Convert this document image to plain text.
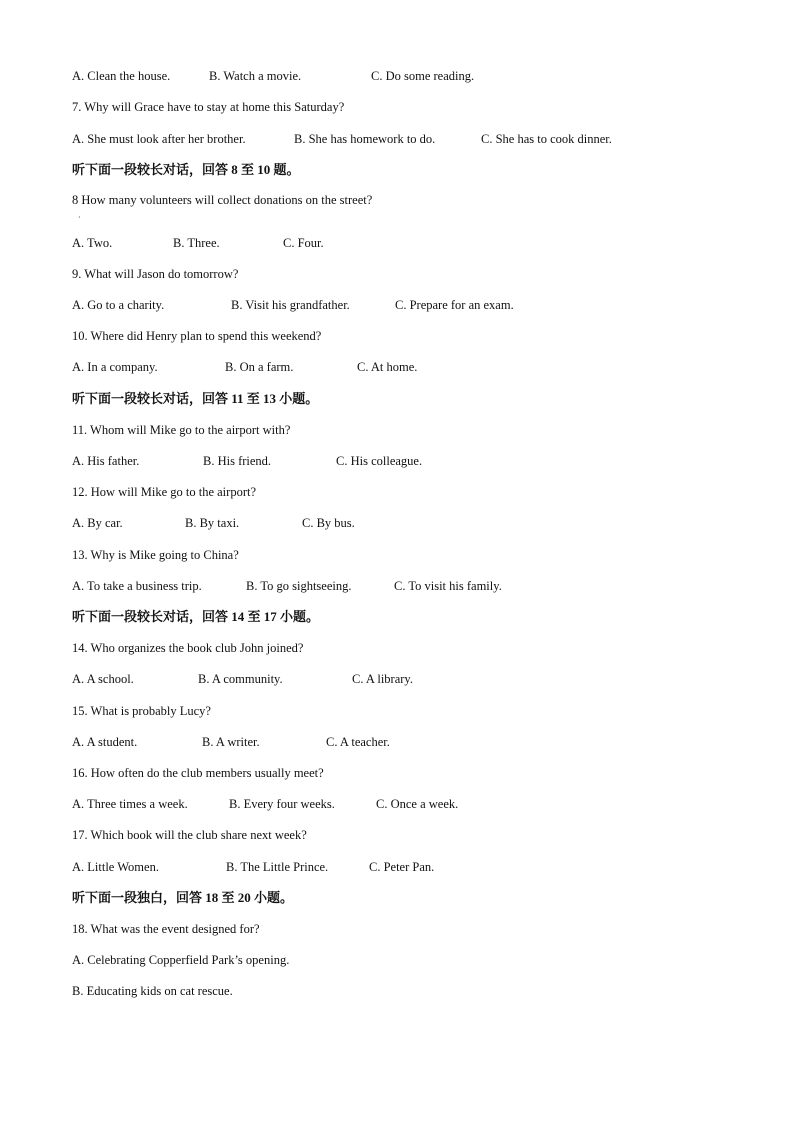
A. Clean the house.	B. Watch a movie.	C. Do some reading.
7. Why will Grace have to stay at home this Saturday?
A. She must look after her brother.	B. She has homework to do.	C. She has to cook dinner.
听下面一段较长对话，回答 8 至 10 题。
8 How many volunteers will collect donations on the street?
·
A. Two.	B. Three.	C. Four.
9. What will Jason do tomorrow?
A. Go to a charity.	B. Visit his grandfather.	C. Prepare for an exam.
10. Where did Henry plan to spend this weekend?
A. In a company.	B. On a farm.	C. At home.
听下面一段较长对话，回答 11 至 13 小题。
11. Whom will Mike go to the airport with?
A. His father.	B. His friend.	C. His colleague.
12. How will Mike go to the airport?
A. By car.	B. By taxi.	C. By bus.
13. Why is Mike going to China?
A. To take a business trip.	B. To go sightseeing.	C. To visit his family.
听下面一段较长对话，回答 14 至 17 小题。
14. Who organizes the book club John joined?
A. A school.	B. A community.	C. A library.
15. What is probably Lucy?
A. A student.	B. A writer.	C. A teacher.
16. How often do the club members usually meet?
A. Three times a week.	B. Every four weeks.	C. Once a week.
17. Which book will the club share next week?
A. Little Women.	B. The Little Prince.	C. Peter Pan.
听下面一段独白，回答 18 至 20 小题。
18. What was the event designed for?
A. Celebrating Copperfield Park’s opening.
B. Educating kids on cat rescue.
